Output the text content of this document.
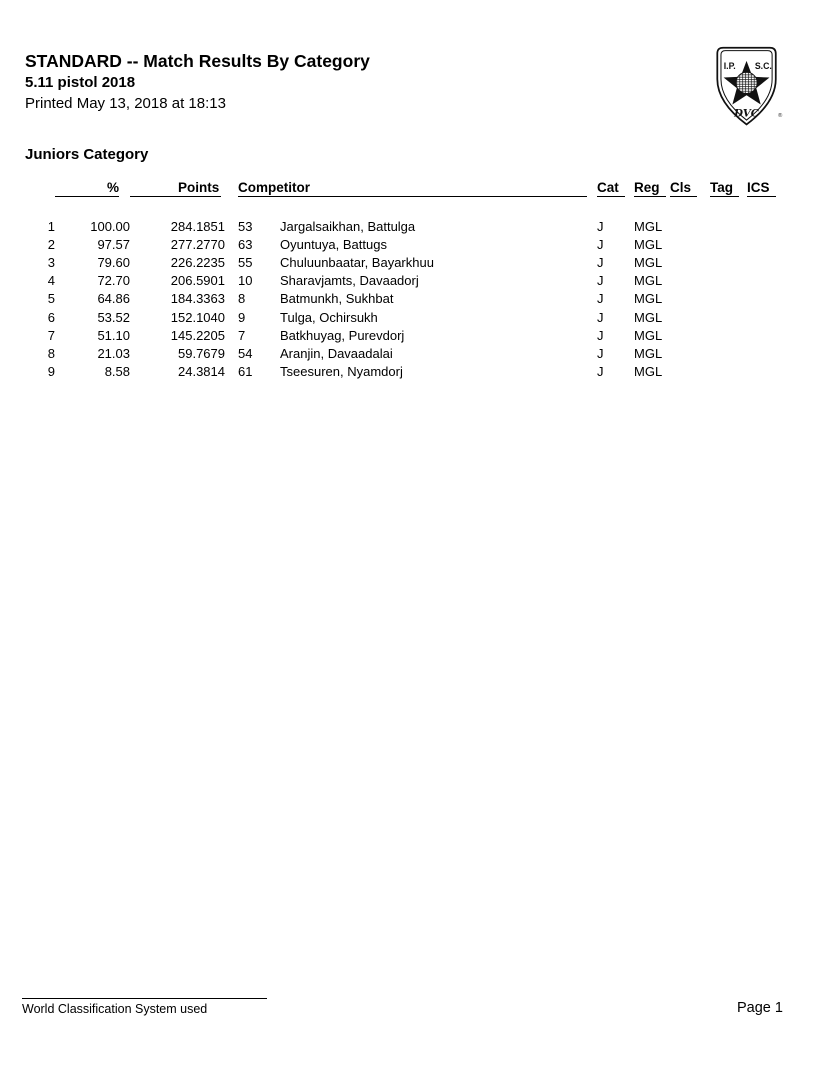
STANDARD -- Match Results By Category
5.11 pistol 2018
Printed May 13, 2018 at 18:13
I.P. S.C.
DVC ®
Juniors Category
	%	Points	Competitor		Cat	Reg	Cls	Tag	ICS

1	100.00	284.1851	53	Jargalsaikhan, Battulga	J	MGL			
2	97.57	277.2770	63	Oyuntuya, Battugs	J	MGL			
3	79.60	226.2235	55	Chuluunbaatar, Bayarkhuu	J	MGL			
4	72.70	206.5901	10	Sharavjamts, Davaadorj	J	MGL			
5	64.86	184.3363	8	Batmunkh, Sukhbat	J	MGL			
6	53.52	152.1040	9	Tulga, Ochirsukh	J	MGL			
7	51.10	145.2205	7	Batkhuyag, Purevdorj	J	MGL			
8	21.03	59.7679	54	Aranjin, Davaadalai	J	MGL			
9	8.58	24.3814	61	Tseesuren, Nyamdorj	J	MGL			
World Classification System used	Page 1
